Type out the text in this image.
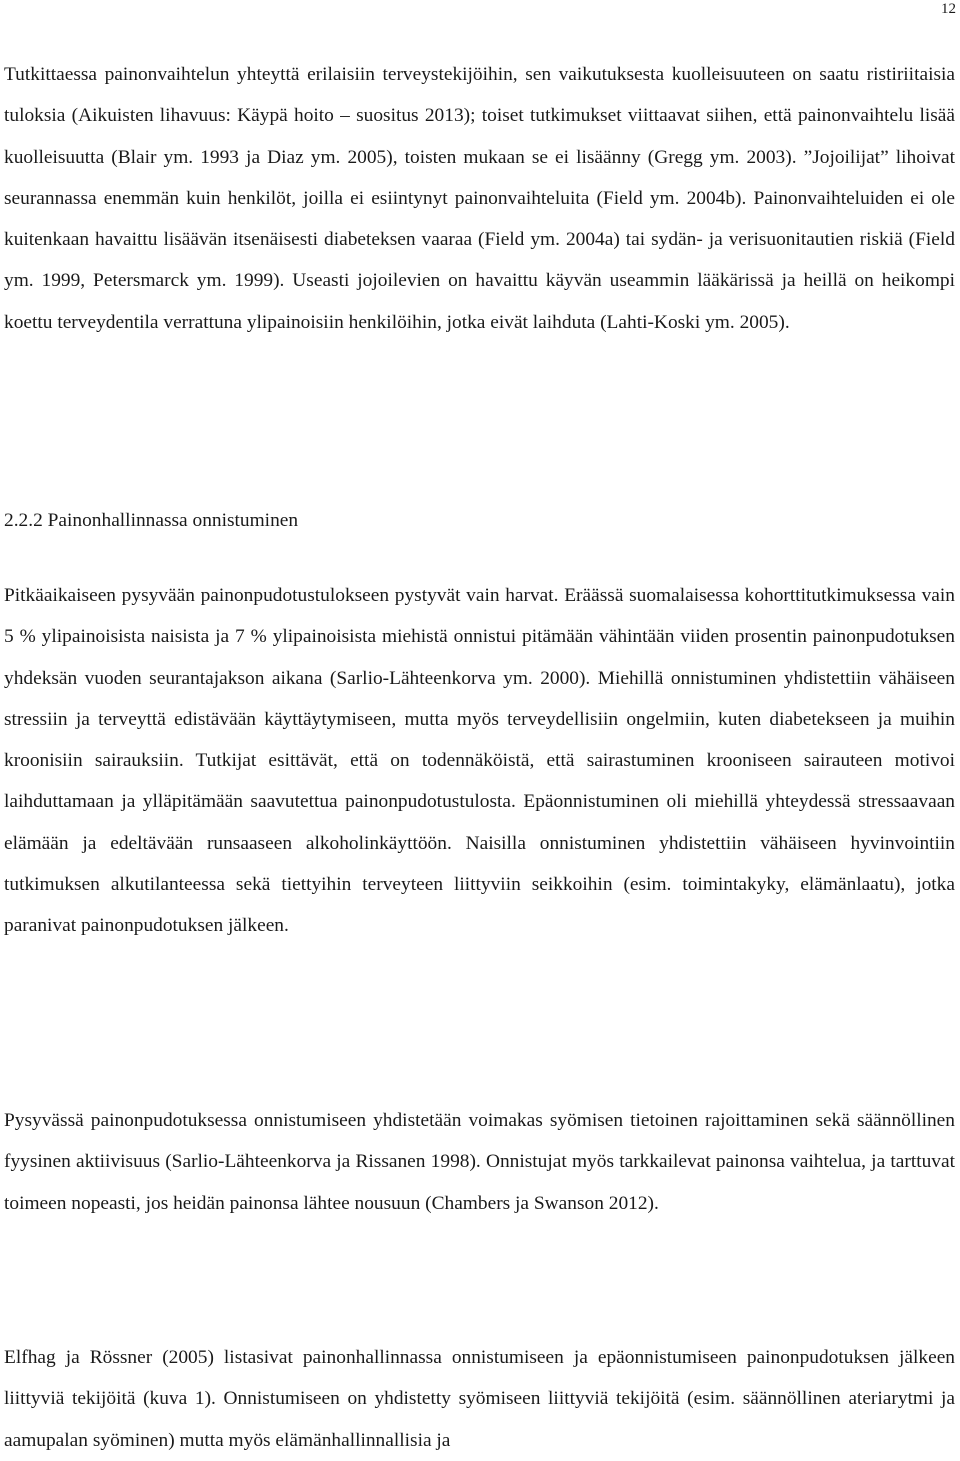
12

Tutkittaessa painonvaihtelun yhteyttä erilaisiin terveystekijöihin, sen vaikutuksesta kuolleisuuteen on saatu ristiriitaisia tuloksia (Aikuisten lihavuus: Käypä hoito – suositus 2013); toiset tutkimukset viittaavat siihen, että painonvaihtelu lisää kuolleisuutta (Blair ym. 1993 ja Diaz ym. 2005), toisten mukaan se ei lisäänny (Gregg ym. 2003). ”Jojoilijat” lihoivat seurannassa enemmän kuin henkilöt, joilla ei esiintynyt painonvaihteluita (Field ym. 2004b). Painonvaihteluiden ei ole kuitenkaan havaittu lisäävän itsenäisesti diabeteksen vaaraa (Field ym. 2004a) tai sydän- ja verisuonitautien riskiä (Field ym. 1999, Petersmarck ym. 1999). Useasti jojoilevien on havaittu käyvän useammin lääkärissä ja heillä on heikompi koettu terveydentila verrattuna ylipainoisiin henkilöihin, jotka eivät laihduta (Lahti-Koski ym. 2005).

2.2.2 Painonhallinnassa onnistuminen

Pitkäaikaiseen pysyvään painonpudotustulokseen pystyvät vain harvat. Eräässä suomalaisessa kohorttitutkimuksessa vain 5 % ylipainoisista naisista ja 7 % ylipainoisista miehistä onnistui pitämään vähintään viiden prosentin painonpudotuksen yhdeksän vuoden seurantajakson aikana (Sarlio-Lähteenkorva ym. 2000). Miehillä onnistuminen yhdistettiin vähäiseen stressiin ja terveyttä edistävään käyttäytymiseen, mutta myös terveydellisiin ongelmiin, kuten diabetekseen ja muihin kroonisiin sairauksiin. Tutkijat esittävät, että on todennäköistä, että sairastuminen krooniseen sairauteen motivoi laihduttamaan ja ylläpitämään saavutettua painonpudotustulosta. Epäonnistuminen oli miehillä yhteydessä stressaavaan elämään ja edeltävään runsaaseen alkoholinkäyttöön. Naisilla onnistuminen yhdistettiin vähäiseen hyvinvointiin tutkimuksen alkutilanteessa sekä tiettyihin terveyteen liittyviin seikkoihin (esim. toimintakyky, elämänlaatu), jotka paranivat painonpudotuksen jälkeen.

Pysyvässä painonpudotuksessa onnistumiseen yhdistetään voimakas syömisen tietoinen rajoittaminen sekä säännöllinen fyysinen aktiivisuus (Sarlio-Lähteenkorva ja Rissanen 1998). Onnistujat myös tarkkailevat painonsa vaihtelua, ja tarttuvat toimeen nopeasti, jos heidän painonsa lähtee nousuun (Chambers ja Swanson 2012).

Elfhag ja Rössner (2005) listasivat painonhallinnassa onnistumiseen ja epäonnistumiseen painonpudotuksen jälkeen liittyviä tekijöitä (kuva 1). Onnistumiseen on yhdistetty syömiseen liittyviä tekijöitä (esim. säännöllinen ateriarytmi ja aamupalan syöminen) mutta myös elämänhallinnallisia ja
